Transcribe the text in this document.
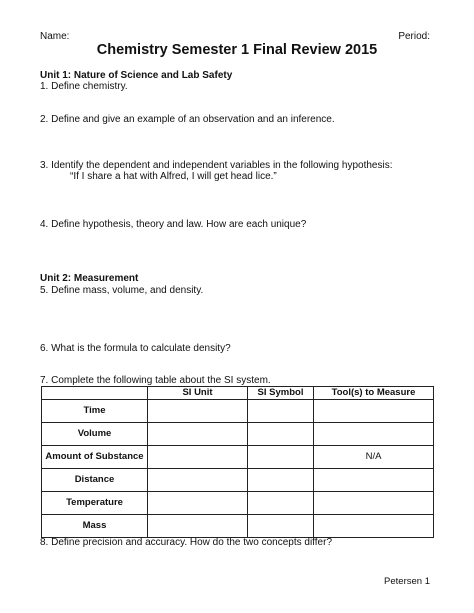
Name:	Period:
Chemistry Semester 1 Final Review 2015
Unit 1: Nature of Science and Lab Safety
1. Define chemistry.
2. Define and give an example of an observation and an inference.
3. Identify the dependent and independent variables in the following hypothesis:
“If I share a hat with Alfred, I will get head lice.”
4. Define hypothesis, theory and law. How are each unique?
Unit 2: Measurement
5. Define mass, volume, and density.
6. What is the formula to calculate density?
7. Complete the following table about the SI system.
	SI Unit	SI Symbol	Tool(s) to Measure
Time			
Volume			
Amount of Substance			N/A
Distance			
Temperature			
Mass			
8. Define precision and accuracy. How do the two concepts differ?
Petersen 1
